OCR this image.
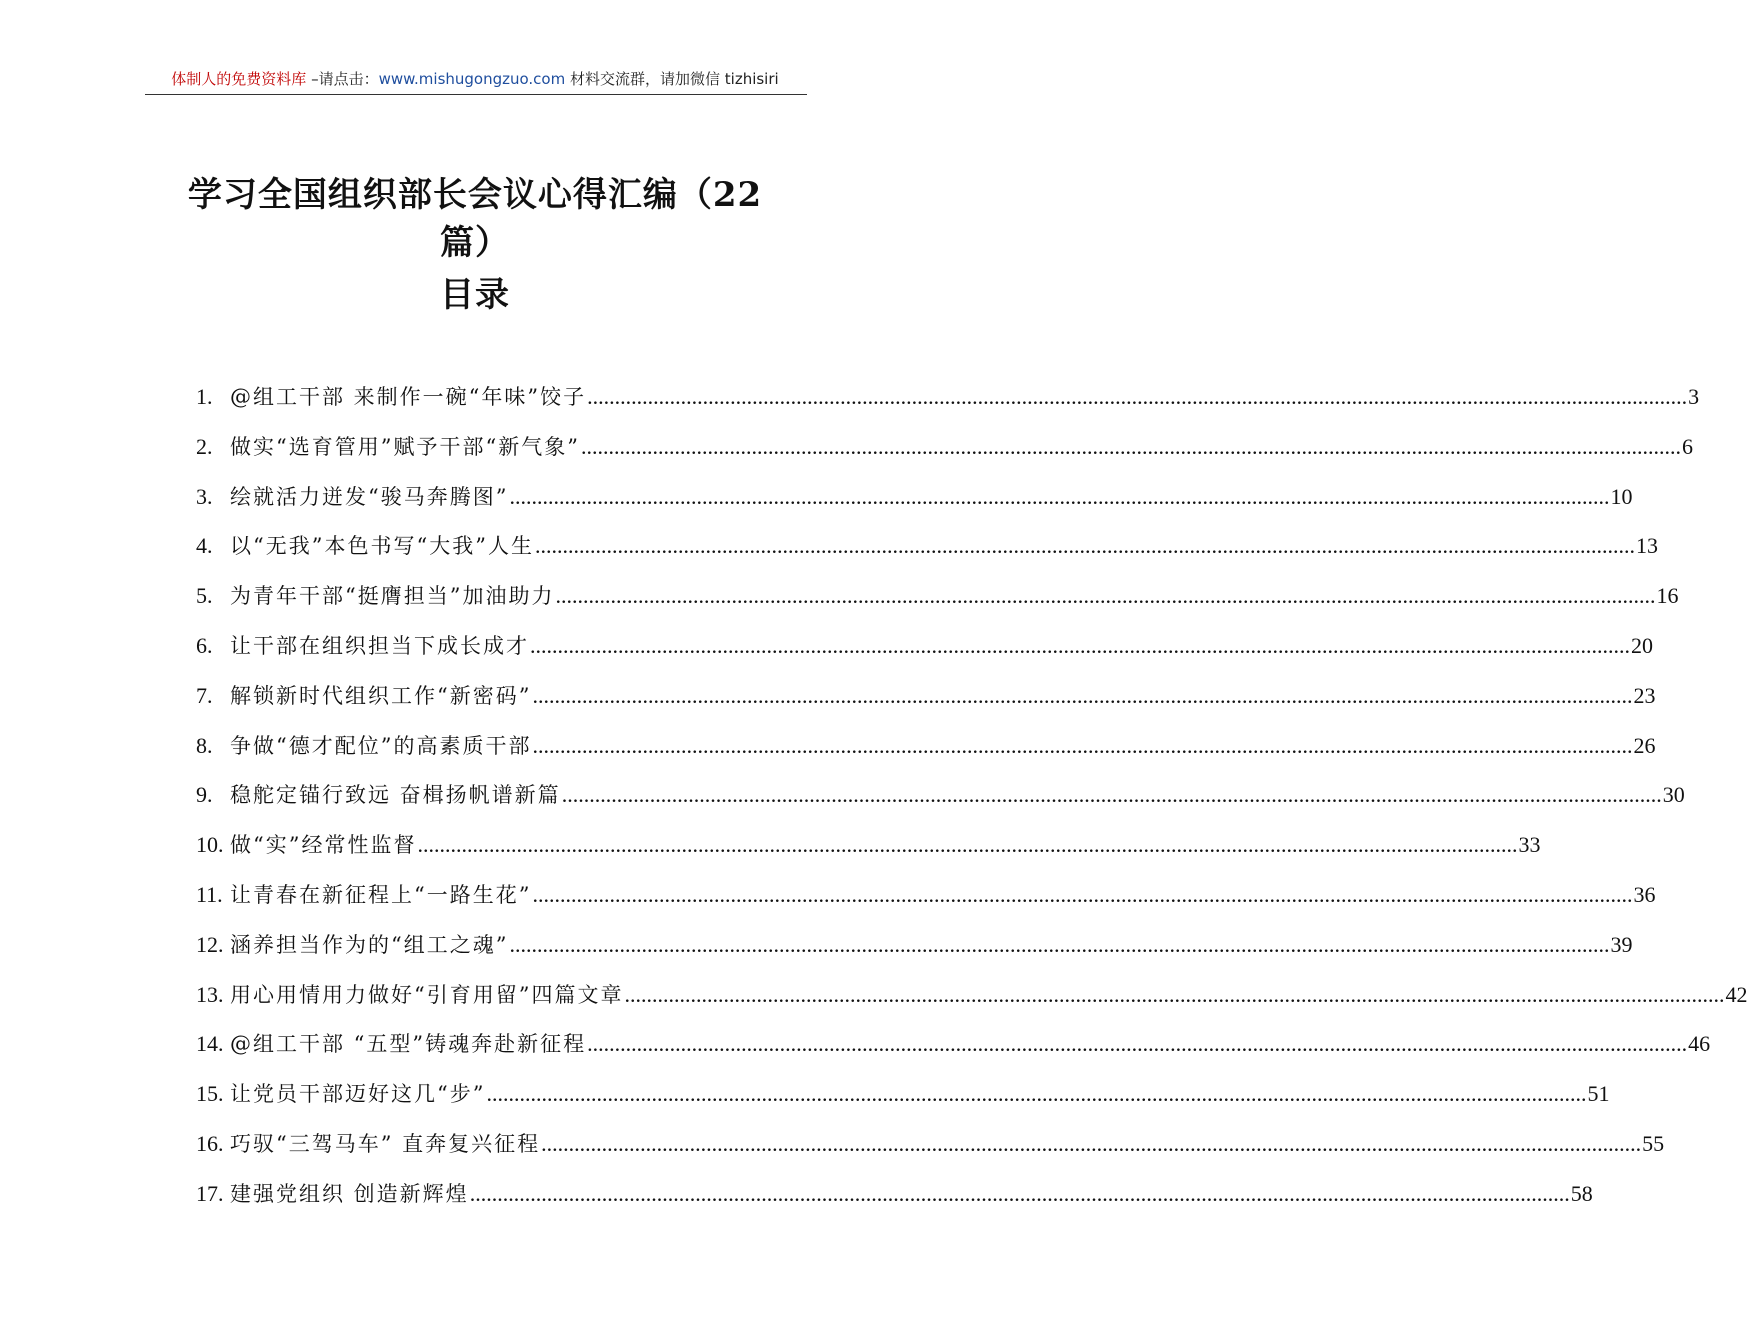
体制人的免费资料库 –请点击：www.mishugongzuo.com 材料交流群，请加微信 tizhisiri
学习全国组织部长会议心得汇编（22
篇）
目录
1. @组工干部 来制作一碗“年味”饺子 ........................................................................................................................................................................................................ 3
2. 做实“选育管用”赋予干部“新气象” ........................................................................................................................................................................................................ 6
3. 绘就活力迸发“骏马奔腾图” ........................................................................................................................................................................................................ 10
4. 以“无我”本色书写“大我”人生 ........................................................................................................................................................................................................ 13
5. 为青年干部“挺膺担当”加油助力 ........................................................................................................................................................................................................ 16
6. 让干部在组织担当下成长成才 ........................................................................................................................................................................................................ 20
7. 解锁新时代组织工作“新密码” ........................................................................................................................................................................................................ 23
8. 争做“德才配位”的高素质干部 ........................................................................................................................................................................................................ 26
9. 稳舵定锚行致远 奋楫扬帆谱新篇 ........................................................................................................................................................................................................ 30
10. 做“实”经常性监督 ........................................................................................................................................................................................................ 33
11. 让青春在新征程上“一路生花” ........................................................................................................................................................................................................ 36
12. 涵养担当作为的“组工之魂” ........................................................................................................................................................................................................ 39
13. 用心用情用力做好“引育用留”四篇文章 ........................................................................................................................................................................................................ 42
14. @组工干部 “五型”铸魂奔赴新征程 ........................................................................................................................................................................................................ 46
15. 让党员干部迈好这几“步” ........................................................................................................................................................................................................ 51
16. 巧驭“三驾马车” 直奔复兴征程 ........................................................................................................................................................................................................ 55
17. 建强党组织 创造新辉煌 ........................................................................................................................................................................................................ 58
